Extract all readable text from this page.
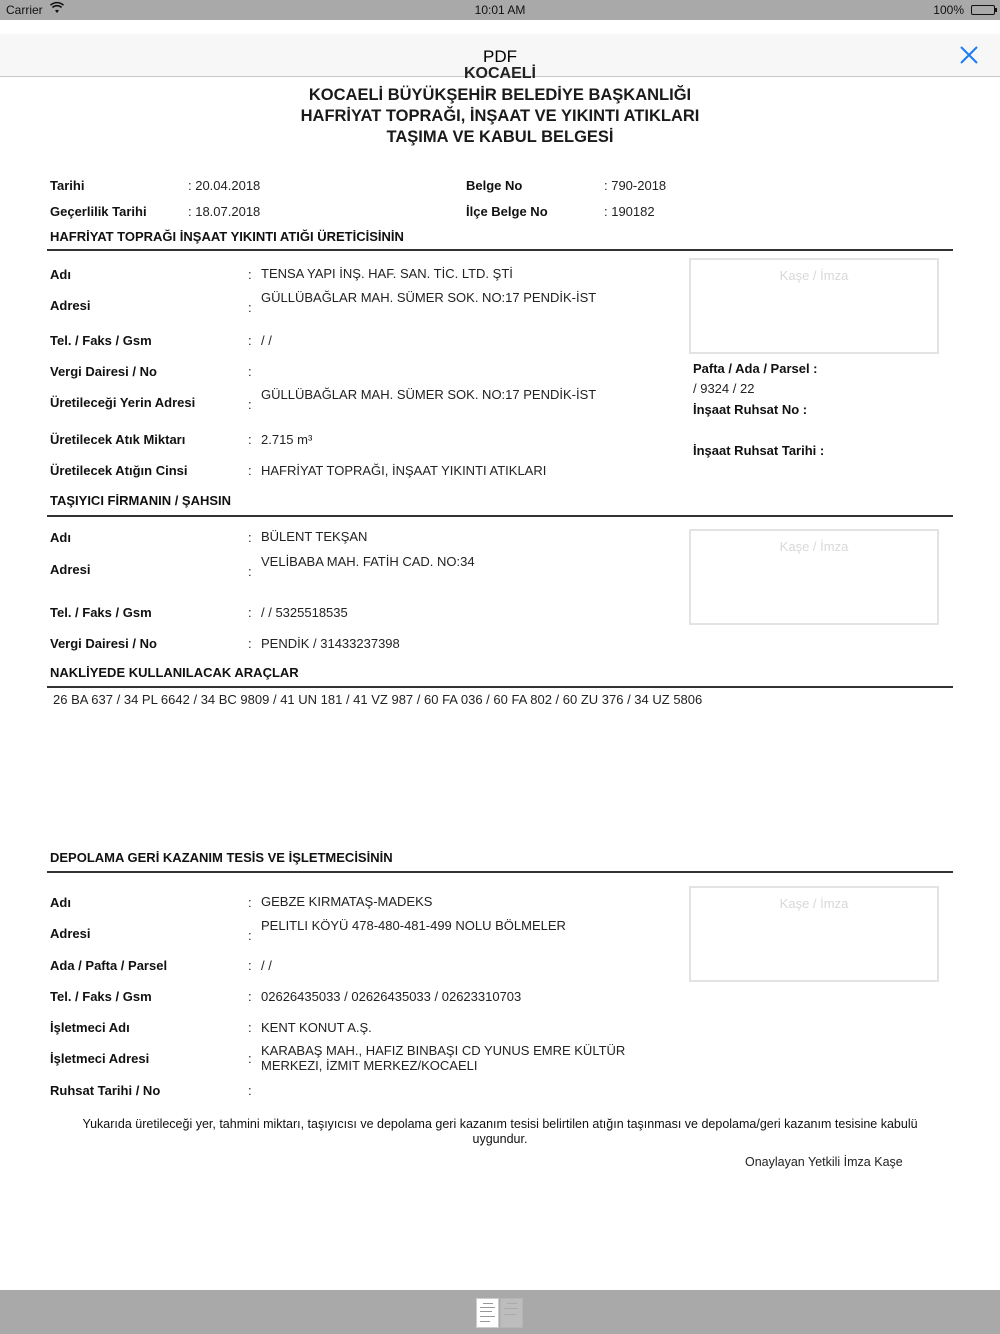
Carrier	10:01 AM	100%
PDF
KOCAELİ
KOCAELİ BÜYÜKŞEHİR BELEDİYE BAŞKANLIĞI
HAFRİYAT TOPRAĞI, İNŞAAT VE YIKINTI ATIKLARI
TAŞIMA VE KABUL BELGESİ
Tarihi	: 20.04.2018
Geçerlilik Tarihi	: 18.07.2018
Belge No	: 790-2018
İlçe Belge No	: 190182
HAFRİYAT TOPRAĞI İNŞAAT YIKINTI ATIĞI ÜRETİCİSİNİN
Adı	: TENSA YAPI İNŞ. HAF. SAN. TİC. LTD. ŞTİ
Adresi	:
GÜLLÜBAĞLAR MAH. SÜMER SOK. NO:17 PENDİK-İST
Tel. / Faks / Gsm	: / /
Vergi Dairesi / No	:
Üretileceği Yerin Adresi	:
GÜLLÜBAĞLAR MAH. SÜMER SOK. NO:17 PENDİK-İST
Üretilecek Atık Miktarı	: 2.715 m³
Üretilecek Atığın Cinsi	: HAFRİYAT TOPRAĞI, İNŞAAT YIKINTI ATIKLARI
Kaşe / İmza
Pafta / Ada / Parsel :
/ 9324 / 22
İnşaat Ruhsat No :
İnşaat Ruhsat Tarihi :
TAŞIYICI FİRMANIN / ŞAHSIN
Adı	: BÜLENT TEKŞAN
Adresi	:
VELİBABA MAH. FATİH CAD. NO:34
Tel. / Faks / Gsm	: / / 5325518535
Vergi Dairesi / No	: PENDİK / 31433237398
Kaşe / İmza
NAKLİYEDE KULLANILACAK ARAÇLAR
26 BA 637 / 34 PL 6642 / 34 BC 9809 / 41 UN 181 / 41 VZ 987 / 60 FA 036 / 60 FA 802 / 60 ZU 376 / 34 UZ 5806
DEPOLAMA GERİ KAZANIM TESİS VE İŞLETMECİSİNİN
Adı	: GEBZE KIRMATAŞ-MADEKS
Adresi	:
PELITLI KÖYÜ 478-480-481-499 NOLU BÖLMELER
Ada / Pafta / Parsel	: / /
Tel. / Faks / Gsm	: 02626435033 / 02626435033 / 02623310703
İşletmeci Adı	: KENT KONUT A.Ş.
İşletmeci Adresi	:
KARABAŞ MAH., HAFIZ BINBAŞI CD YUNUS EMRE KÜLTÜR
MERKEZI, İZMIT MERKEZ/KOCAELI
Ruhsat Tarihi / No	:
Kaşe / İmza
Yukarıda üretileceği yer, tahmini miktarı, taşıyıcısı ve depolama geri kazanım tesisi belirtilen atığın taşınması ve depolama/geri kazanım tesisine kabulü
uygundur.
Onaylayan Yetkili İmza Kaşe
